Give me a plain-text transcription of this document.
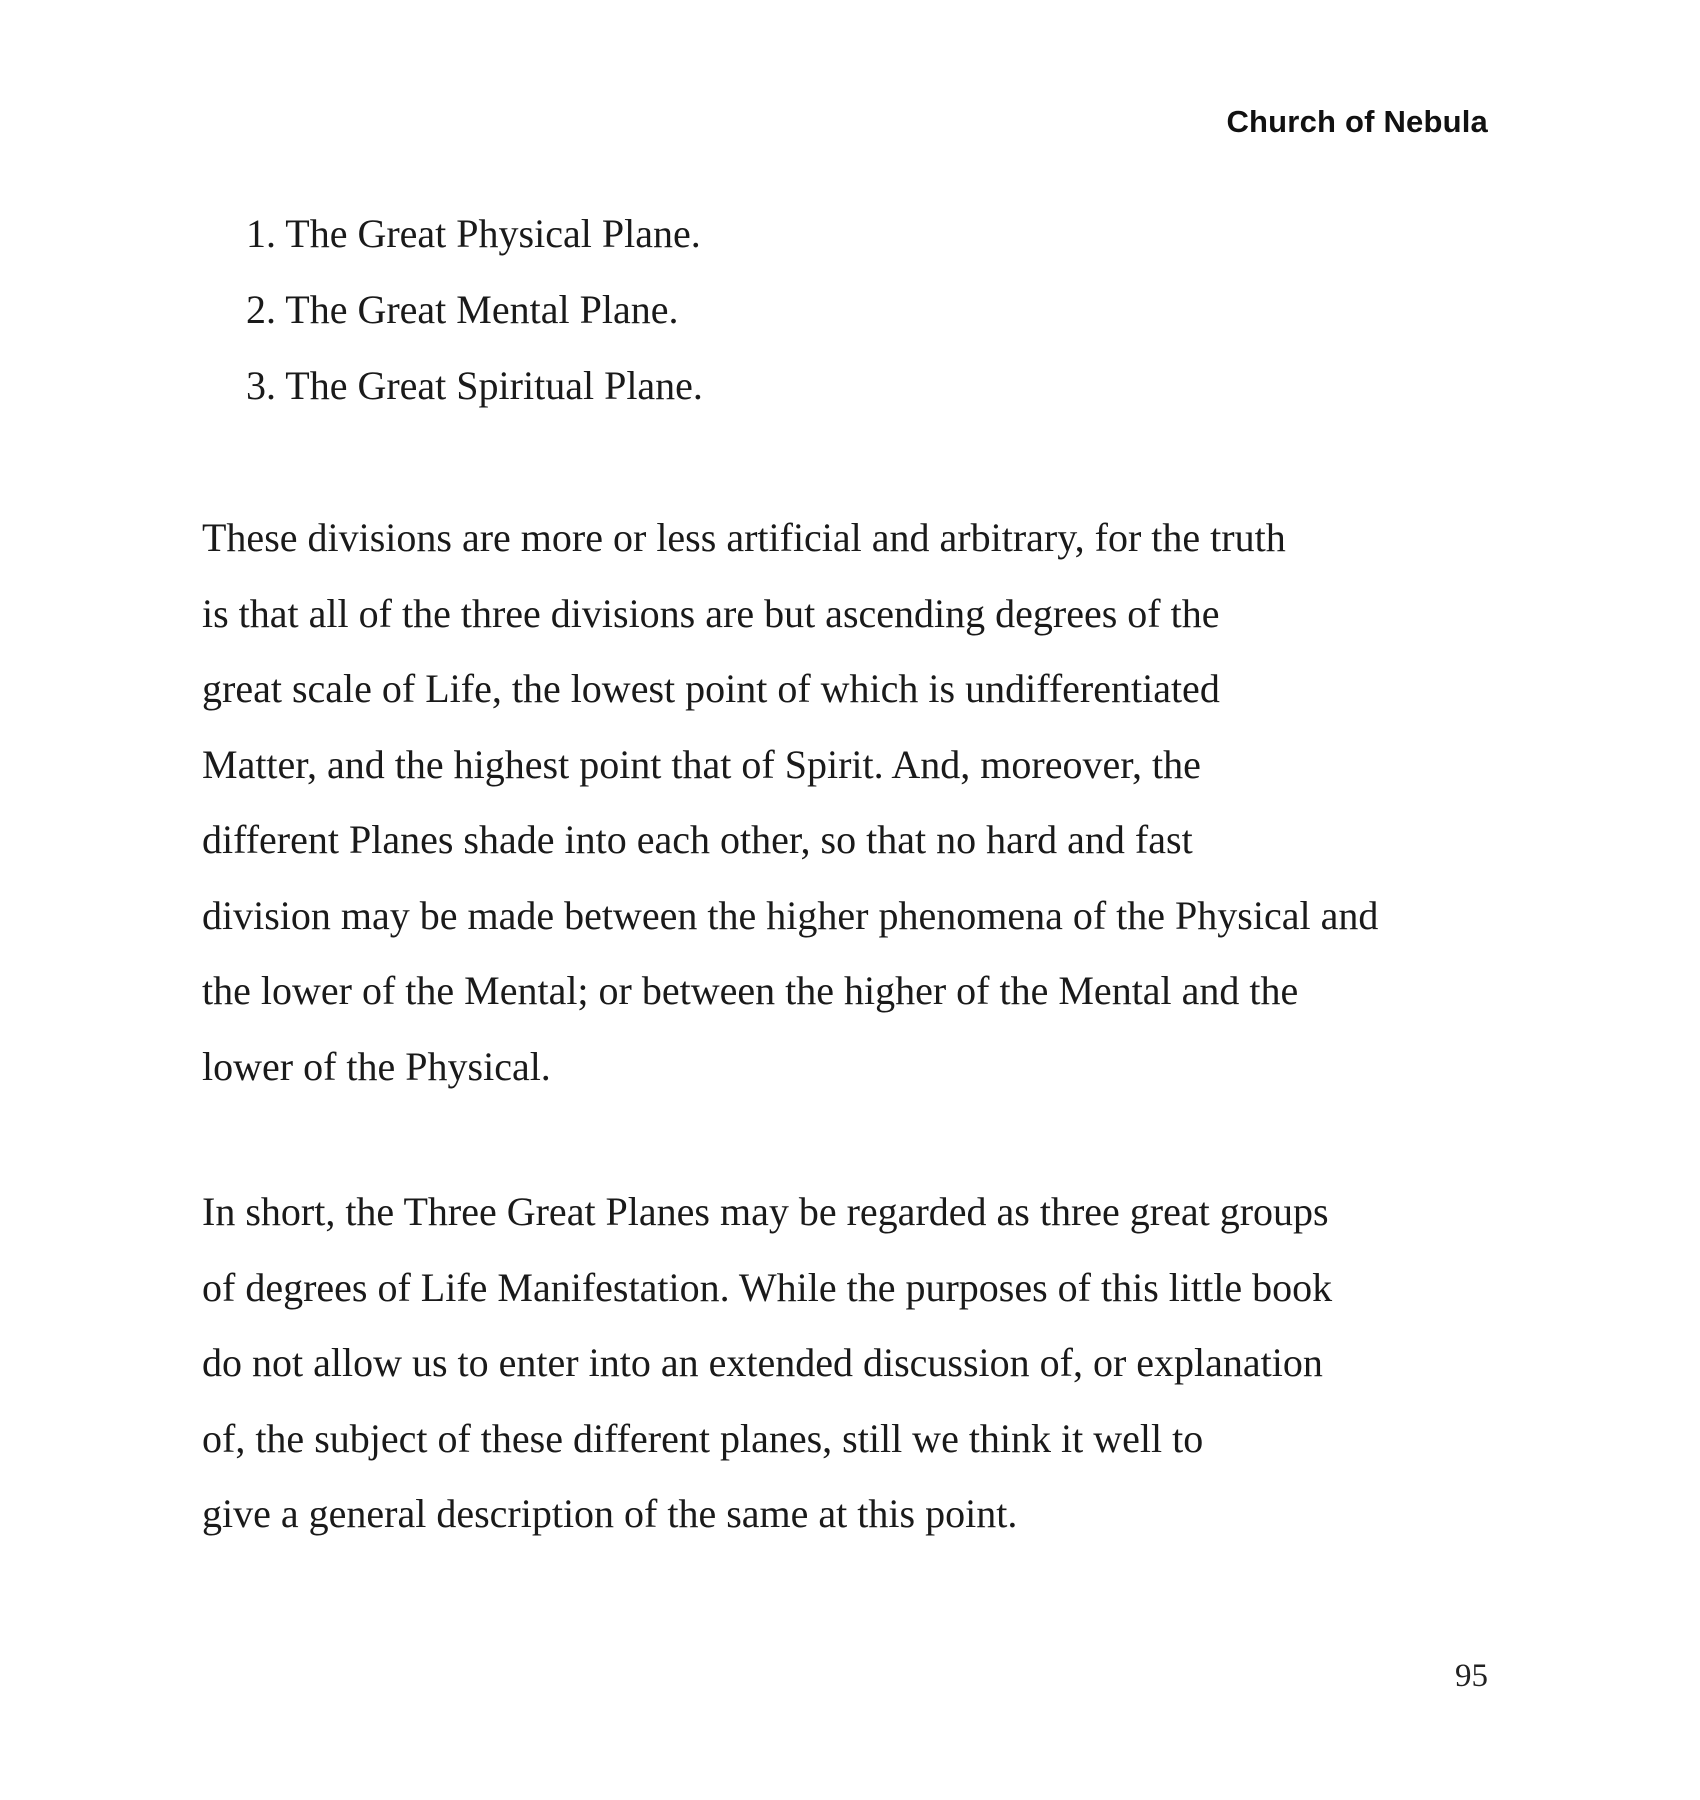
Church of Nebula
1. The Great Physical Plane.
2. The Great Mental Plane.
3. The Great Spiritual Plane.

These divisions are more or less artificial and arbitrary, for the truth
is that all of the three divisions are but ascending degrees of the
great scale of Life, the lowest point of which is undifferentiated
Matter, and the highest point that of Spirit. And, moreover, the
different Planes shade into each other, so that no hard and fast
division may be made between the higher phenomena of the Physical and
the lower of the Mental; or between the higher of the Mental and the
lower of the Physical.

In short, the Three Great Planes may be regarded as three great groups
of degrees of Life Manifestation. While the purposes of this little book
do not allow us to enter into an extended discussion of, or explanation
of, the subject of these different planes, still we think it well to
give a general description of the same at this point.

95
